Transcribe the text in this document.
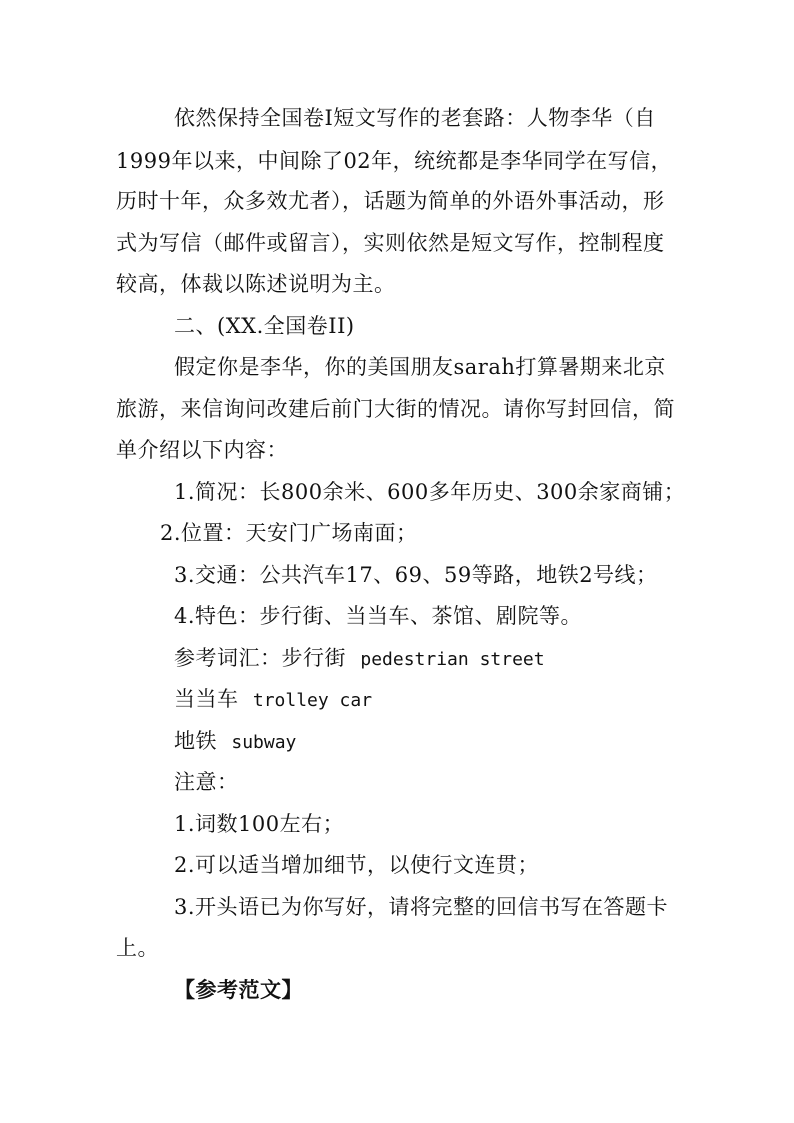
依然保持全国卷Ⅰ短文写作的老套路：人物李华（自
1999年以来，中间除了02年，统统都是李华同学在写信，
历时十年，众多效尤者），话题为简单的外语外事活动，形
式为写信（邮件或留言），实则依然是短文写作，控制程度
较高，体裁以陈述说明为主。
二、(XX.全国卷II)
假定你是李华，你的美国朋友sarah打算暑期来北京
旅游，来信询问改建后前门大街的情况。请你写封回信，简
单介绍以下内容：
1.简况：长800余米、600多年历史、300余家商铺；
2.位置：天安门广场南面；
3.交通：公共汽车17、69、59等路，地铁2号线；
4.特色：步行街、当当车、茶馆、剧院等。
参考词汇：步行街 pedestrian street
当当车 trolley car
地铁 subway
注意：
1.词数100左右；
2.可以适当增加细节，以使行文连贯；
3.开头语已为你写好，请将完整的回信书写在答题卡
上。
【参考范文】
